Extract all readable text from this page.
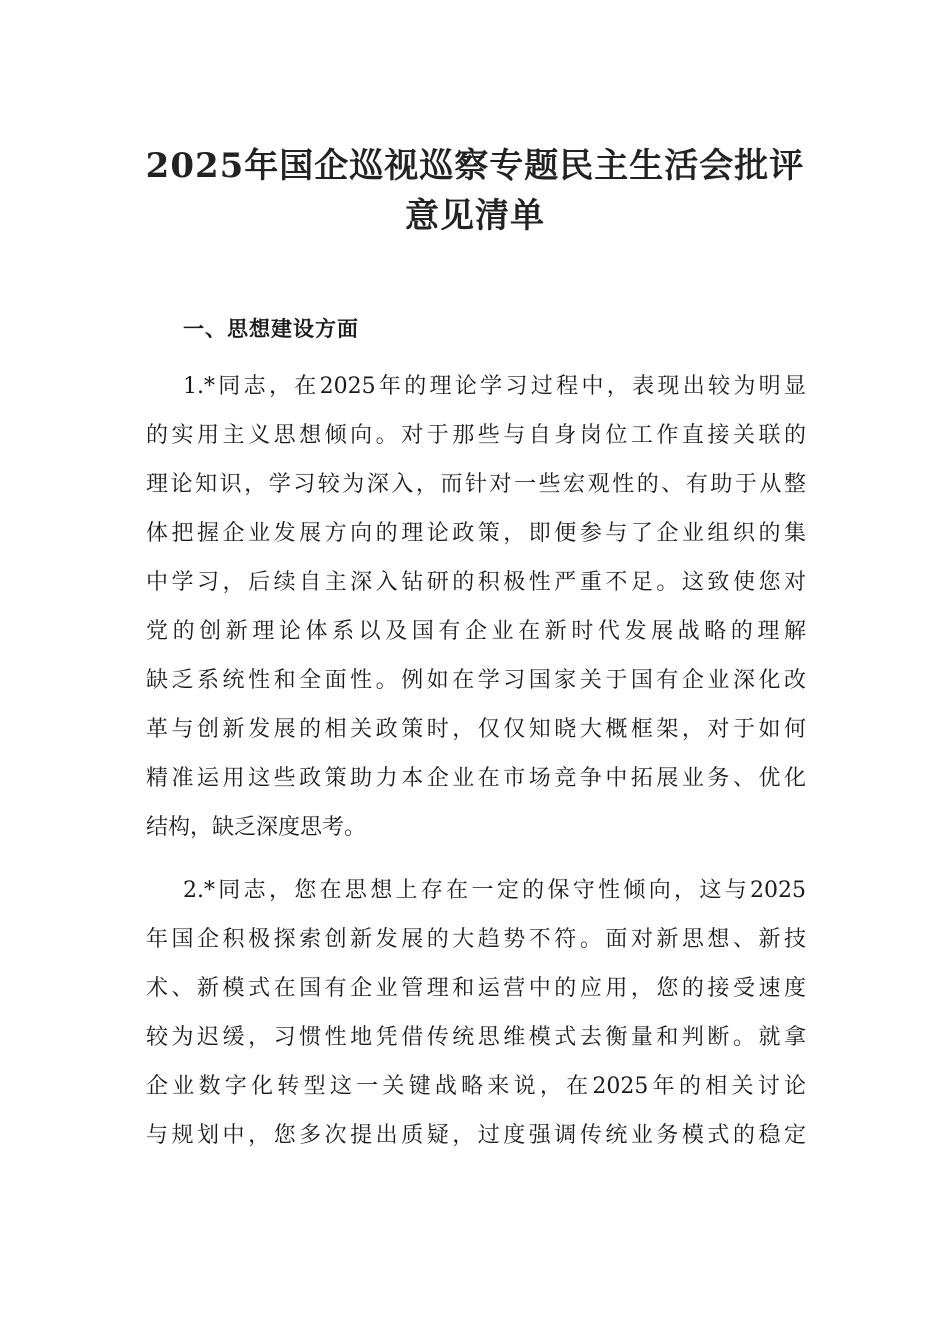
2025年国企巡视巡察专题民主生活会批评
意见清单
一、思想建设方面
1.*同志，在2025年的理论学习过程中，表现出较为明显
的实用主义思想倾向。对于那些与自身岗位工作直接关联的
理论知识，学习较为深入，而针对一些宏观性的、有助于从整
体把握企业发展方向的理论政策，即便参与了企业组织的集
中学习，后续自主深入钻研的积极性严重不足。这致使您对
党的创新理论体系以及国有企业在新时代发展战略的理解
缺乏系统性和全面性。例如在学习国家关于国有企业深化改
革与创新发展的相关政策时，仅仅知晓大概框架，对于如何
精准运用这些政策助力本企业在市场竞争中拓展业务、优化
结构，缺乏深度思考。
2.*同志，您在思想上存在一定的保守性倾向，这与2025
年国企积极探索创新发展的大趋势不符。面对新思想、新技
术、新模式在国有企业管理和运营中的应用，您的接受速度
较为迟缓，习惯性地凭借传统思维模式去衡量和判断。就拿
企业数字化转型这一关键战略来说，在2025年的相关讨论
与规划中，您多次提出质疑，过度强调传统业务模式的稳定
